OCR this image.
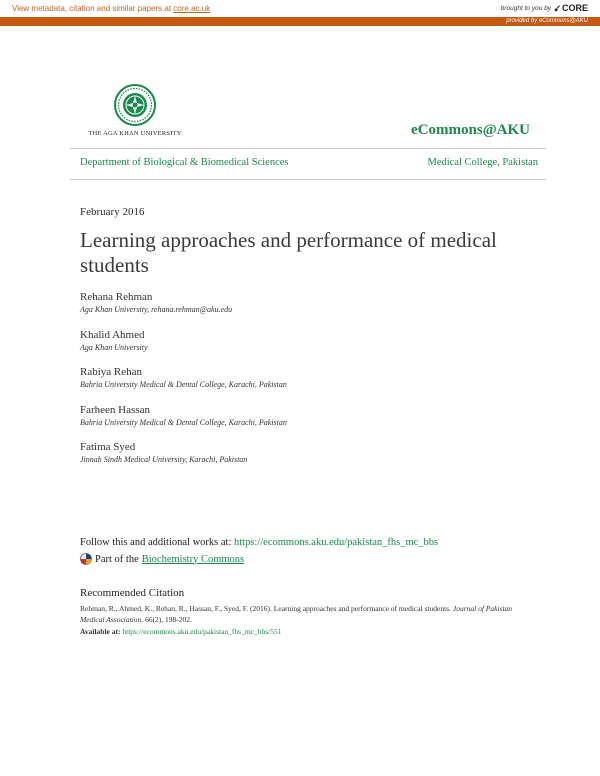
View metadata, citation and similar papers at core.ac.uk	brought to you by CORE
provided by eCommons@AKU
THE AGA KHAN UNIVERSITY	eCommons@AKU
Department of Biological & Biomedical Sciences	Medical College, Pakistan
February 2016
Learning approaches and performance of medical students
Rehana Rehman
Aga Khan University, rehana.rehman@aku.edu
Khalid Ahmed
Aga Khan University
Rabiya Rehan
Bahria University Medical & Dental College, Karachi, Pakistan
Farheen Hassan
Bahria University Medical & Dental College, Karachi, Pakistan
Fatima Syed
Jinnah Sindh Medical University, Karachi, Pakistan
Follow this and additional works at: https://ecommons.aku.edu/pakistan_fhs_mc_bbs
Part of the Biochemistry Commons
Recommended Citation
Rehman, R., Ahmed, K., Rehan, R., Hassan, F., Syed, F. (2016). Learning approaches and performance of medical students. Journal of Pakistan Medical Association, 66(2), 198-202.
Available at: https://ecommons.aku.edu/pakistan_fhs_mc_bbs/551
